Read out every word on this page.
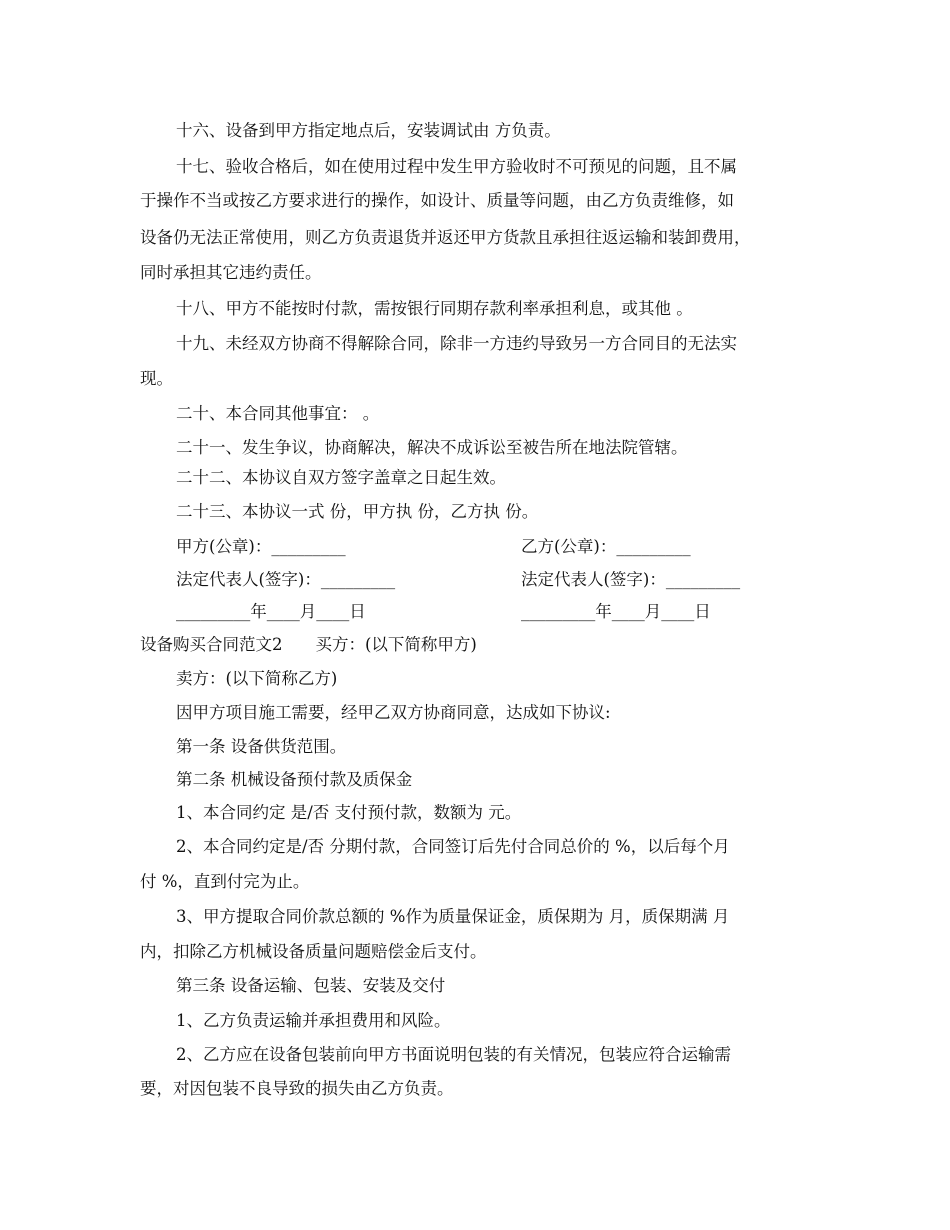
十六、设备到甲方指定地点后，安装调试由 方负责。
十七、验收合格后，如在使用过程中发生甲方验收时不可预见的问题，且不属
于操作不当或按乙方要求进行的操作，如设计、质量等问题，由乙方负责维修，如
设备仍无法正常使用，则乙方负责退货并返还甲方货款且承担往返运输和装卸费用，
同时承担其它违约责任。
十八、甲方不能按时付款，需按银行同期存款利率承担利息，或其他 。
十九、未经双方协商不得解除合同，除非一方违约导致另一方合同目的无法实
现。
二十、本合同其他事宜： 。
二十一、发生争议，协商解决，解决不成诉讼至被告所在地法院管辖。
二十二、本协议自双方签字盖章之日起生效。
二十三、本协议一式 份，甲方执 份，乙方执 份。
甲方(公章)：_________	乙方(公章)：_________
法定代表人(签字)：_________	法定代表人(签字)：_________
_________年____月____日	_________年____月____日
设备购买合同范文2　　买方：(以下简称甲方)
卖方：(以下简称乙方)
因甲方项目施工需要，经甲乙双方协商同意，达成如下协议:
第一条 设备供货范围。
第二条 机械设备预付款及质保金
1、本合同约定 是/否 支付预付款，数额为 元。
2、本合同约定是/否 分期付款，合同签订后先付合同总价的 %，以后每个月
付 %，直到付完为止。
3、甲方提取合同价款总额的 %作为质量保证金，质保期为 月，质保期满 月
内，扣除乙方机械设备质量问题赔偿金后支付。
第三条 设备运输、包装、安装及交付
1、乙方负责运输并承担费用和风险。
2、乙方应在设备包装前向甲方书面说明包装的有关情况，包装应符合运输需
要，对因包装不良导致的损失由乙方负责。
